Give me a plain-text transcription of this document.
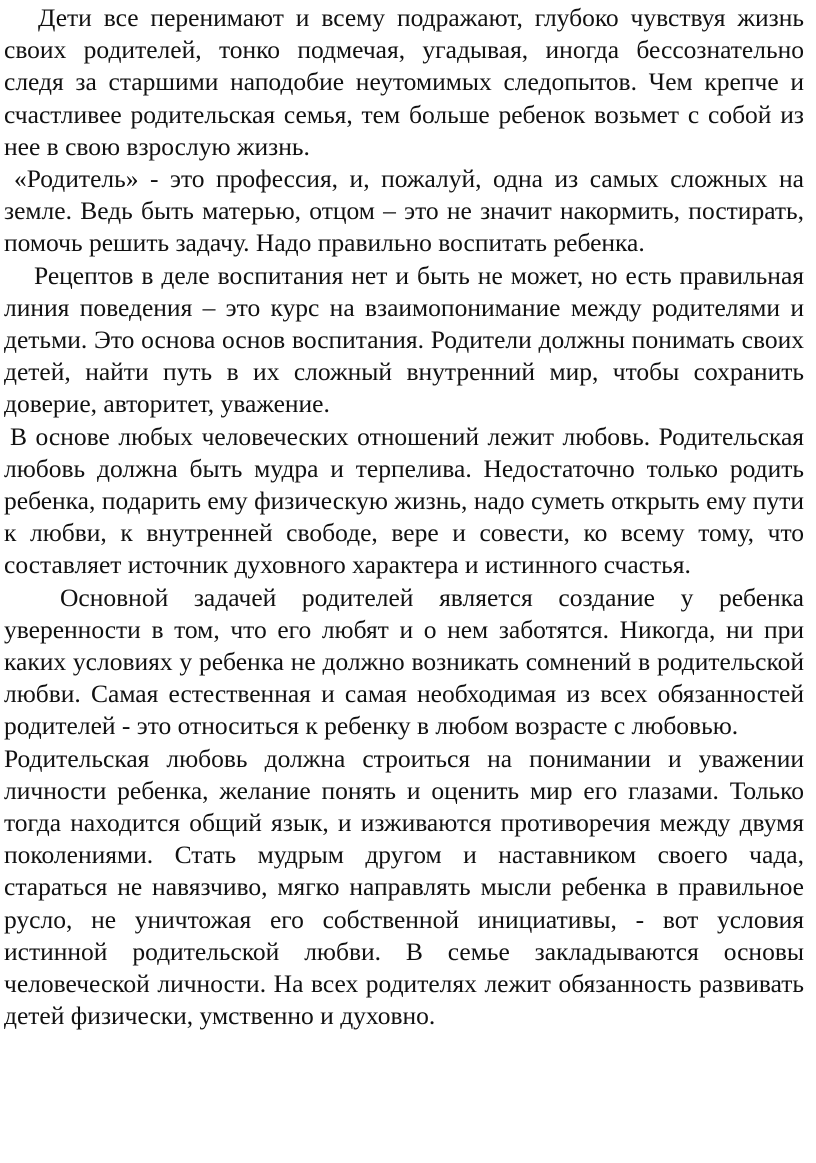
Дети все перенимают и всему подражают, глубоко чувствуя жизнь своих родителей, тонко подмечая, угадывая, иногда бессознательно следя за старшими наподобие неутомимых следопытов. Чем крепче и счастливее родительская семья, тем больше ребенок возьмет с собой из нее в свою взрослую жизнь.

«Родитель» - это профессия, и, пожалуй, одна из самых сложных на земле. Ведь быть матерью, отцом – это не значит накормить, постирать, помочь решить задачу. Надо правильно воспитать ребенка.

Рецептов в деле воспитания нет и быть не может, но есть правильная линия поведения – это курс на взаимопонимание между родителями и детьми. Это основа основ воспитания. Родители должны понимать своих детей, найти путь в их сложный внутренний мир, чтобы сохранить доверие, авторитет, уважение.

В основе любых человеческих отношений лежит любовь. Родительская любовь должна быть мудра и терпелива. Недостаточно только родить ребенка, подарить ему физическую жизнь, надо суметь открыть ему пути к любви, к внутренней свободе, вере и совести, ко всему тому, что составляет источник духовного характера и истинного счастья.

Основной задачей родителей является создание у ребенка уверенности в том, что его любят и о нем заботятся. Никогда, ни при каких условиях у ребенка не должно возникать сомнений в родительской любви. Самая естественная и самая необходимая из всех обязанностей родителей - это относиться к ребенку в любом возрасте с любовью.

Родительская любовь должна строиться на понимании и уважении личности ребенка, желание понять и оценить мир его глазами. Только тогда находится общий язык, и изживаются противоречия между двумя поколениями. Стать мудрым другом и наставником своего чада, стараться не навязчиво, мягко направлять мысли ребенка в правильное русло, не уничтожая его собственной инициативы, - вот условия истинной родительской любви. В семье закладываются основы человеческой личности. На всех родителях лежит обязанность развивать детей физически, умственно и духовно.
